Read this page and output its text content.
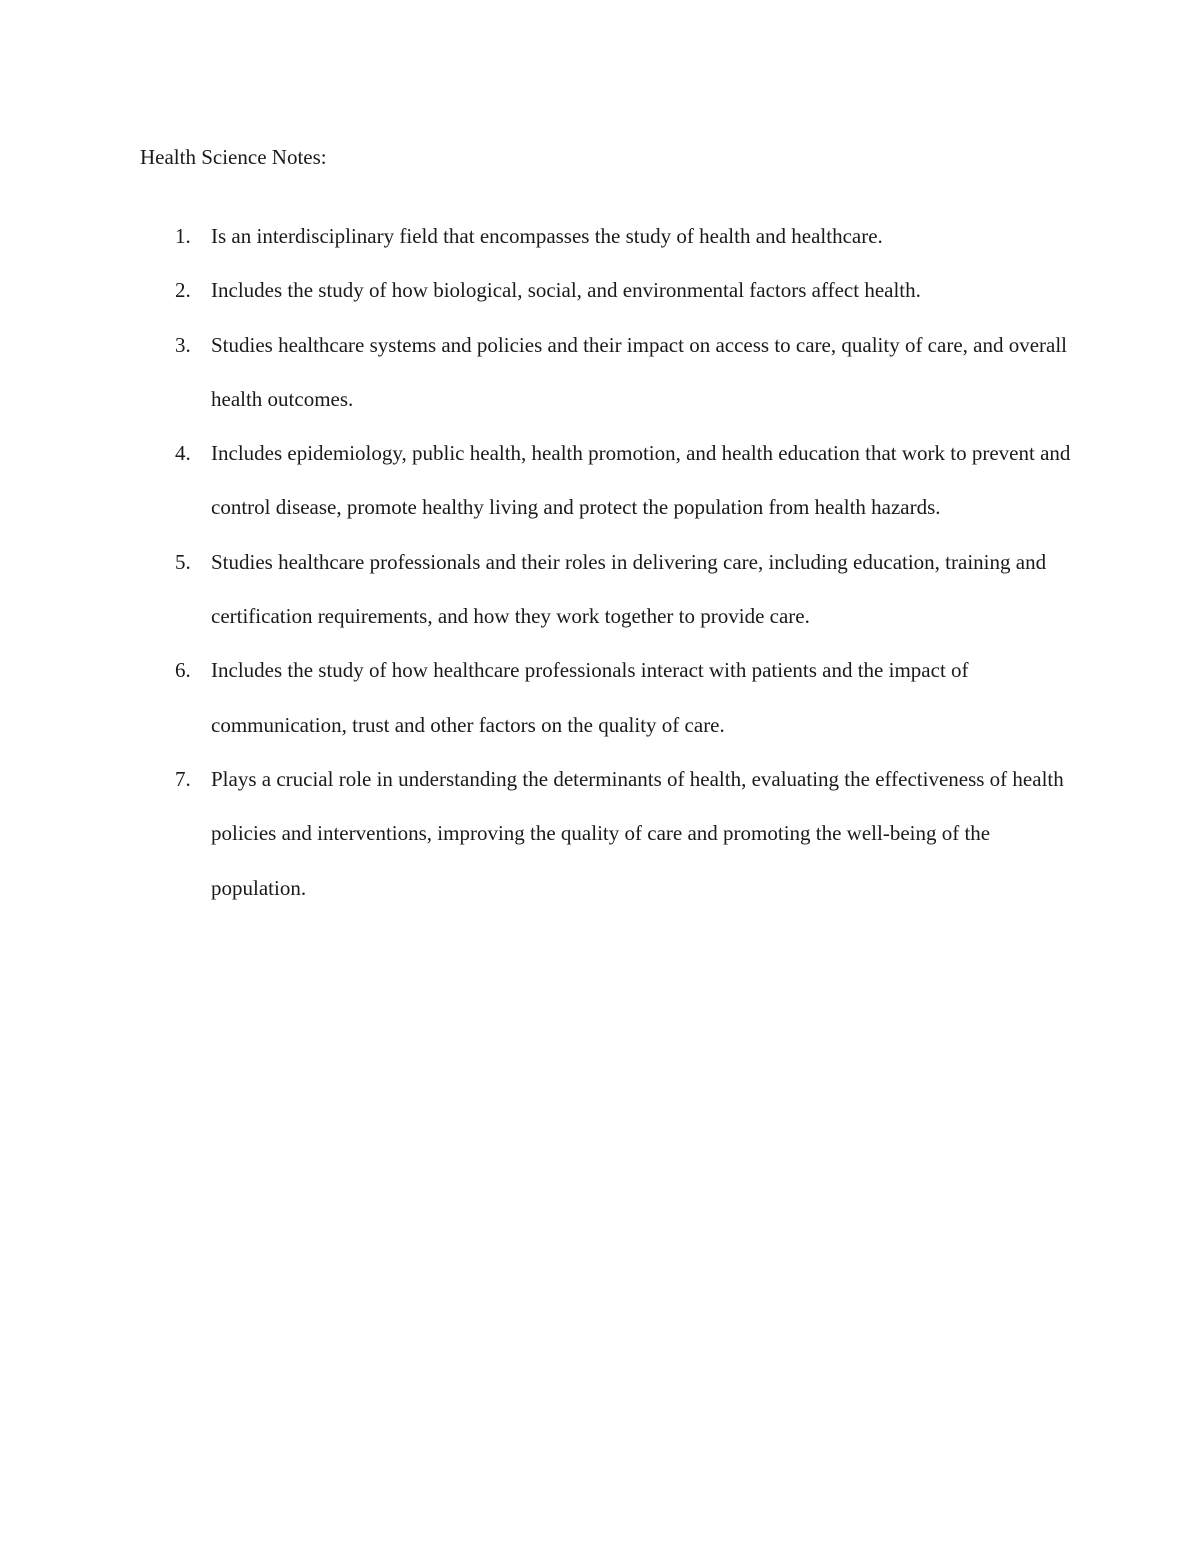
Health Science Notes:
1. Is an interdisciplinary field that encompasses the study of health and healthcare.
2. Includes the study of how biological, social, and environmental factors affect health.
3. Studies healthcare systems and policies and their impact on access to care, quality of care, and overall health outcomes.
4. Includes epidemiology, public health, health promotion, and health education that work to prevent and control disease, promote healthy living and protect the population from health hazards.
5. Studies healthcare professionals and their roles in delivering care, including education, training and certification requirements, and how they work together to provide care.
6. Includes the study of how healthcare professionals interact with patients and the impact of communication, trust and other factors on the quality of care.
7. Plays a crucial role in understanding the determinants of health, evaluating the effectiveness of health policies and interventions, improving the quality of care and promoting the well-being of the population.
